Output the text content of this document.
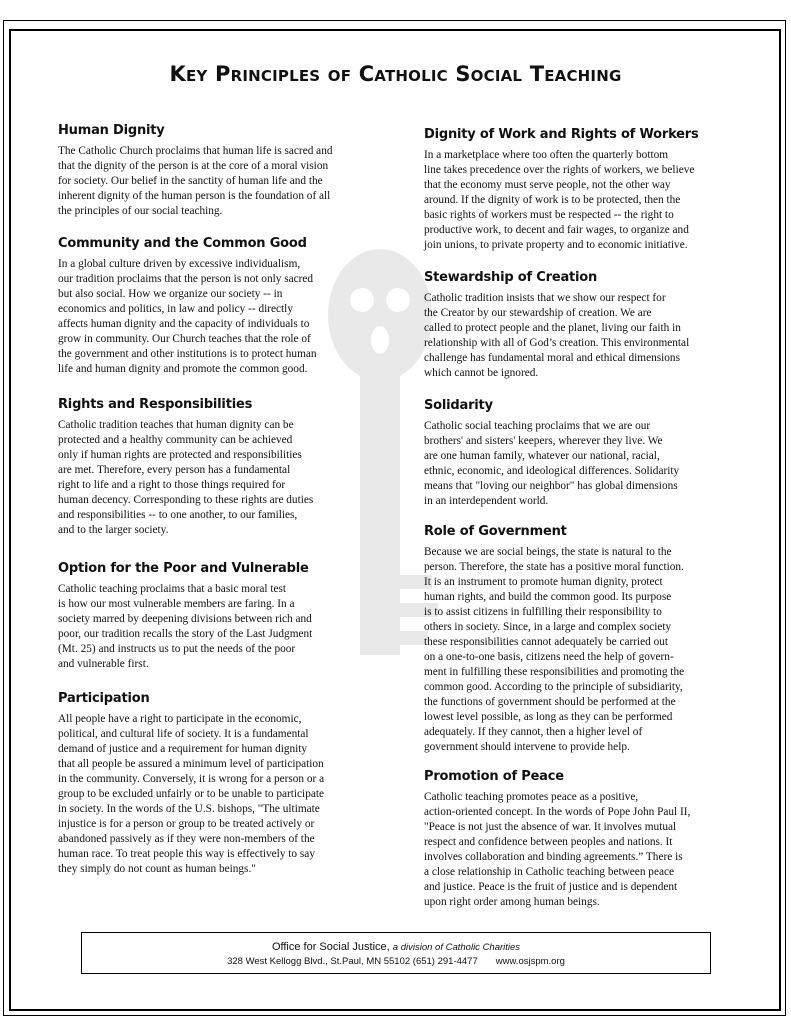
Key Principles of Catholic Social Teaching
Human Dignity

The Catholic Church proclaims that human life is sacred and
that the dignity of the person is at the core of a moral vision
for society. Our belief in the sanctity of human life and the
inherent dignity of the human person is the foundation of all
the principles of our social teaching.

Community and the Common Good

In a global culture driven by excessive individualism,
our tradition proclaims that the person is not only sacred
but also social. How we organize our society -- in
economics and politics, in law and policy -- directly
affects human dignity and the capacity of individuals to
grow in community. Our Church teaches that the role of
the government and other institutions is to protect human
life and human dignity and promote the common good.

Rights and Responsibilities

Catholic tradition teaches that human dignity can be
protected and a healthy community can be achieved
only if human rights are protected and responsibilities
are met. Therefore, every person has a fundamental
right to life and a right to those things required for
human decency. Corresponding to these rights are duties
and responsibilities -- to one another, to our families,
and to the larger society.

Option for the Poor and Vulnerable

Catholic teaching proclaims that a basic moral test
is how our most vulnerable members are faring. In a
society marred by deepening divisions between rich and
poor, our tradition recalls the story of the Last Judgment
(Mt. 25) and instructs us to put the needs of the poor
and vulnerable first.

Participation

All people have a right to participate in the economic,
political, and cultural life of society. It is a fundamental
demand of justice and a requirement for human dignity
that all people be assured a minimum level of participation
in the community. Conversely, it is wrong for a person or a
group to be excluded unfairly or to be unable to participate
in society. In the words of the U.S. bishops, "The ultimate
injustice is for a person or group to be treated actively or
abandoned passively as if they were non-members of the
human race. To treat people this way is effectively to say
they simply do not count as human beings."

Dignity of Work and Rights of Workers

In a marketplace where too often the quarterly bottom
line takes precedence over the rights of workers, we believe
that the economy must serve people, not the other way
around. If the dignity of work is to be protected, then the
basic rights of workers must be respected -- the right to
productive work, to decent and fair wages, to organize and
join unions, to private property and to economic initiative.

Stewardship of Creation

Catholic tradition insists that we show our respect for
the Creator by our stewardship of creation. We are
called to protect people and the planet, living our faith in
relationship with all of God’s creation. This environmental
challenge has fundamental moral and ethical dimensions
which cannot be ignored.

Solidarity

Catholic social teaching proclaims that we are our
brothers' and sisters' keepers, wherever they live. We
are one human family, whatever our national, racial,
ethnic, economic, and ideological differences. Solidarity
means that "loving our neighbor" has global dimensions
in an interdependent world.

Role of Government

Because we are social beings, the state is natural to the
person. Therefore, the state has a positive moral function.
It is an instrument to promote human dignity, protect
human rights, and build the common good. Its purpose
is to assist citizens in fulfilling their responsibility to
others in society. Since, in a large and complex society
these responsibilities cannot adequately be carried out
on a one-to-one basis, citizens need the help of govern-
ment in fulfilling these responsibilities and promoting the
common good. According to the principle of subsidiarity,
the functions of government should be performed at the
lowest level possible, as long as they can be performed
adequately. If they cannot, then a higher level of
government should intervene to provide help.

Promotion of Peace

Catholic teaching promotes peace as a positive,
action-oriented concept. In the words of Pope John Paul II,
"Peace is not just the absence of war. It involves mutual
respect and confidence between peoples and nations. It
involves collaboration and binding agreements.” There is
a close relationship in Catholic teaching between peace
and justice. Peace is the fruit of justice and is dependent
upon right order among human beings.

Office for Social Justice, a division of Catholic Charities
328 West Kellogg Blvd., St.Paul, MN 55102 (651) 291-4477 www.osjspm.org
